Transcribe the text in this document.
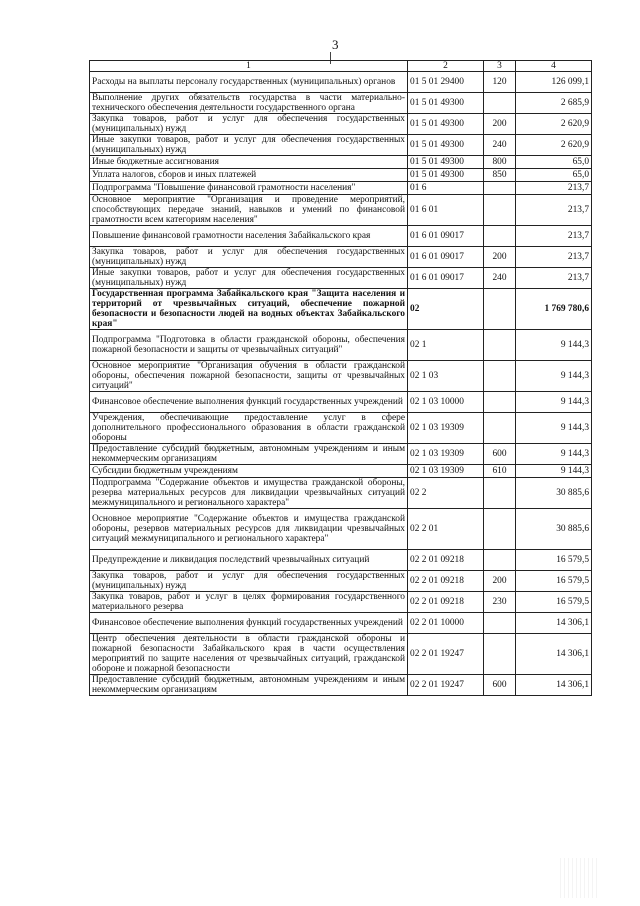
3
1	2	3	4
Расходы на выплаты персоналу государственных (муниципальных) органов	01 5 01 29400	120	126 099,1
Выполнение других обязательств государства в части материально-технического обеспечения деятельности государственного органа	01 5 01 49300		2 685,9
Закупка товаров, работ и услуг для обеспечения государственных (муниципальных) нужд	01 5 01 49300	200	2 620,9
Иные закупки товаров, работ и услуг для обеспечения государственных (муниципальных) нужд	01 5 01 49300	240	2 620,9
Иные бюджетные ассигнования	01 5 01 49300	800	65,0
Уплата налогов, сборов и иных платежей	01 5 01 49300	850	65,0
Подпрограмма "Повышение финансовой грамотности населения"	01 6		213,7
Основное мероприятие "Организация и проведение мероприятий, способствующих передаче знаний, навыков и умений по финансовой грамотности всем категориям населения"	01 6 01		213,7
Повышение финансовой грамотности населения Забайкальского края	01 6 01 09017		213,7
Закупка товаров, работ и услуг для обеспечения государственных (муниципальных) нужд	01 6 01 09017	200	213,7
Иные закупки товаров, работ и услуг для обеспечения государственных (муниципальных) нужд	01 6 01 09017	240	213,7
Государственная программа Забайкальского края "Защита населения и территорий от чрезвычайных ситуаций, обеспечение пожарной безопасности и безопасности людей на водных объектах Забайкальского края"	02		1 769 780,6
Подпрограмма "Подготовка в области гражданской обороны, обеспечения пожарной безопасности и защиты от чрезвычайных ситуаций"	02 1		9 144,3
Основное мероприятие "Организация обучения в области гражданской обороны, обеспечения пожарной безопасности, защиты от чрезвычайных ситуаций"	02 1 03		9 144,3
Финансовое обеспечение выполнения функций государственных учреждений	02 1 03 10000		9 144,3
Учреждения, обеспечивающие предоставление услуг в сфере дополнительного профессионального образования в области гражданской обороны	02 1 03 19309		9 144,3
Предоставление субсидий бюджетным, автономным учреждениям и иным некоммерческим организациям	02 1 03 19309	600	9 144,3
Субсидии бюджетным учреждениям	02 1 03 19309	610	9 144,3
Подпрограмма "Содержание объектов и имущества гражданской обороны, резерва материальных ресурсов для ликвидации чрезвычайных ситуаций межмуниципального и регионального характера"	02 2		30 885,6
Основное мероприятие "Содержание объектов и имущества гражданской обороны, резервов материальных ресурсов для ликвидации чрезвычайных ситуаций межмуниципального и регионального характера"	02 2 01		30 885,6
Предупреждение и ликвидация последствий чрезвычайных ситуаций	02 2 01 09218		16 579,5
Закупка товаров, работ и услуг для обеспечения государственных (муниципальных) нужд	02 2 01 09218	200	16 579,5
Закупка товаров, работ и услуг в целях формирования государственного материального резерва	02 2 01 09218	230	16 579,5
Финансовое обеспечение выполнения функций государственных учреждений	02 2 01 10000		14 306,1
Центр обеспечения деятельности в области гражданской обороны и пожарной безопасности Забайкальского края в части осуществления мероприятий по защите населения от чрезвычайных ситуаций, гражданской обороне и пожарной безопасности	02 2 01 19247		14 306,1
Предоставление субсидий бюджетным, автономным учреждениям и иным некоммерческим организациям	02 2 01 19247	600	14 306,1
